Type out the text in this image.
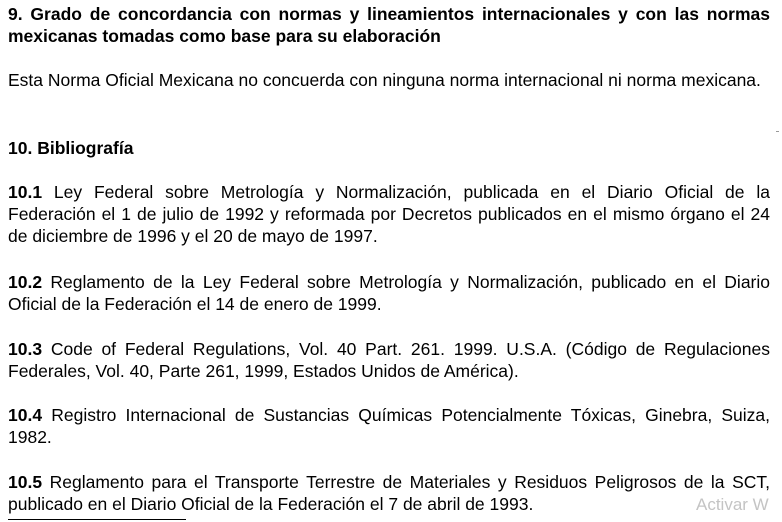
9. Grado de concordancia con normas y lineamientos internacionales y con las normas mexicanas tomadas como base para su elaboración

Esta Norma Oficial Mexicana no concuerda con ninguna norma internacional ni norma mexicana.

10. Bibliografía

10.1 Ley Federal sobre Metrología y Normalización, publicada en el Diario Oficial de la Federación el 1 de julio de 1992 y reformada por Decretos publicados en el mismo órgano el 24 de diciembre de 1996 y el 20 de mayo de 1997.

10.2 Reglamento de la Ley Federal sobre Metrología y Normalización, publicado en el Diario Oficial de la Federación el 14 de enero de 1999.

10.3 Code of Federal Regulations, Vol. 40 Part. 261. 1999. U.S.A. (Código de Regulaciones Federales, Vol. 40, Parte 261, 1999, Estados Unidos de América).

10.4 Registro Internacional de Sustancias Químicas Potencialmente Tóxicas, Ginebra, Suiza, 1982.

10.5 Reglamento para el Transporte Terrestre de Materiales y Residuos Peligrosos de la SCT, publicado en el Diario Oficial de la Federación el 7 de abril de 1993.	Activar W
